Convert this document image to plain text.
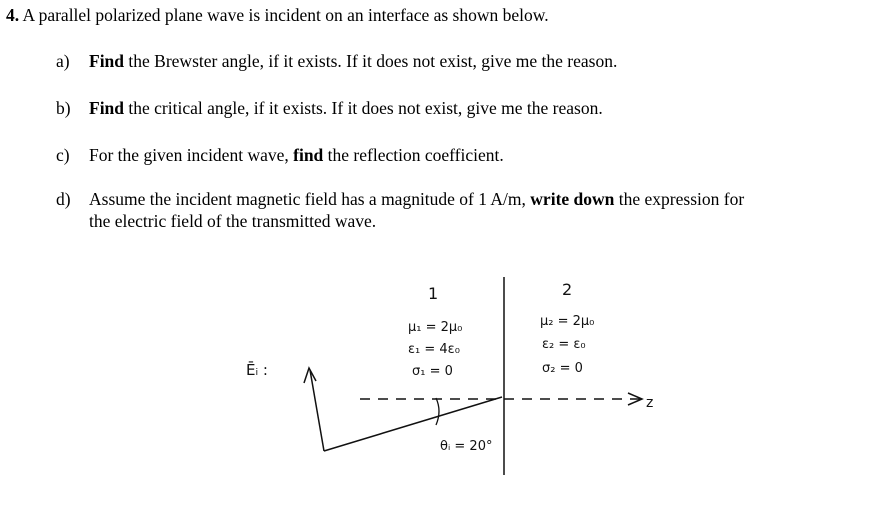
4. A parallel polarized plane wave is incident on an interface as shown below.
a) Find the Brewster angle, if it exists. If it does not exist, give me the reason.
b) Find the critical angle, if it exists. If it does not exist, give me the reason.
c) For the given incident wave, find the reflection coefficient.
d) Assume the incident magnetic field has a magnitude of 1 A/m, write down the expression for
the electric field of the transmitted wave.
1
μ₁ = 2μ₀
ε₁ = 4ε₀
σ₁ = 0
2
μ₂ = 2μ₀
ε₂ = ε₀
σ₂ = 0
Ēᵢ :
z
θᵢ = 20°
